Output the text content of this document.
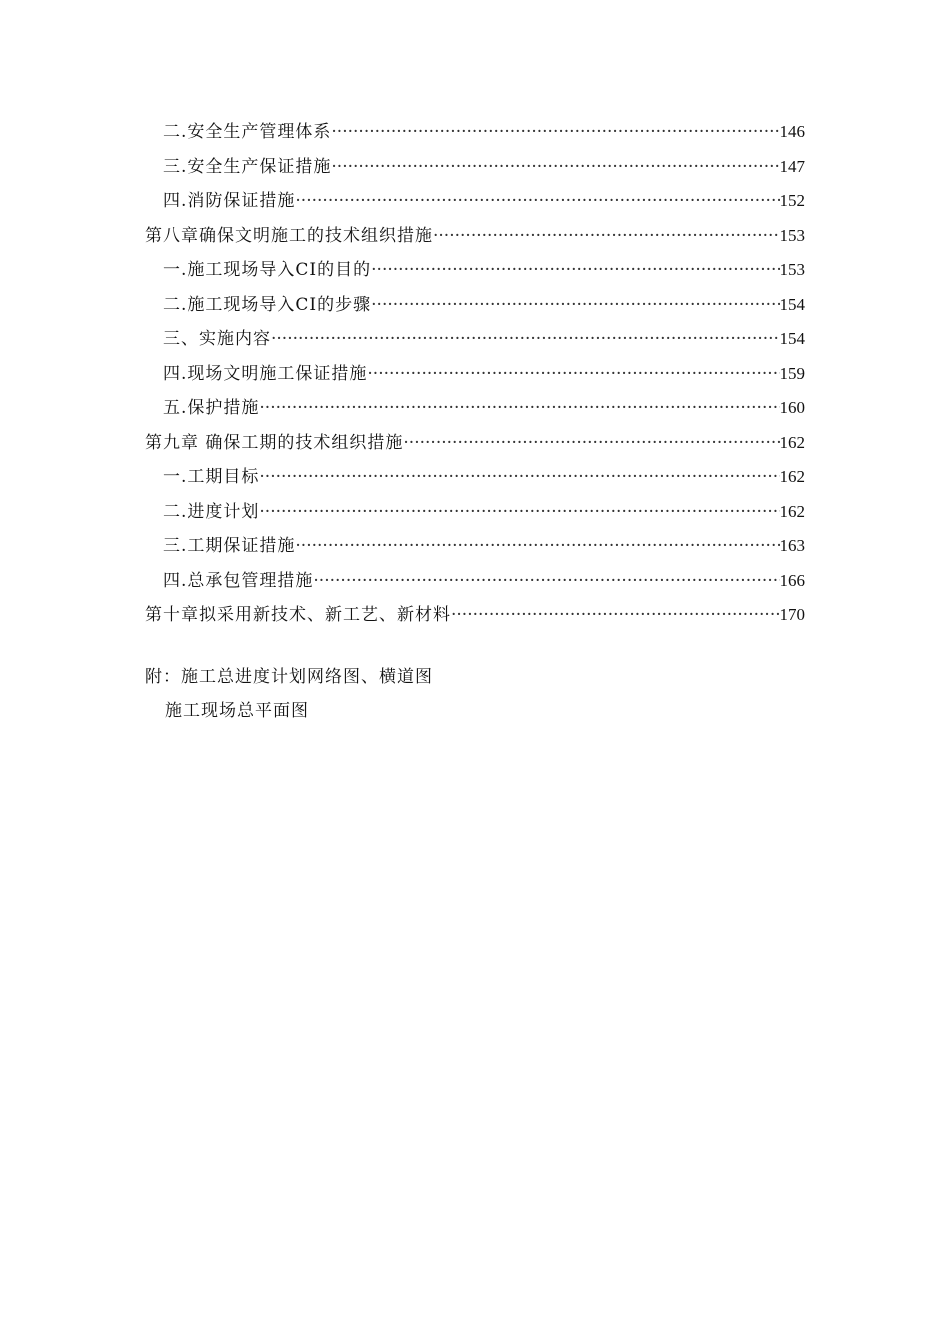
二.安全生产管理体系 ·····	146
三.安全生产保证措施 ·····	147
四.消防保证措施 ·····	152
第八章确保文明施工的技术组织措施 ·····	153
一.施工现场导入CI的目的 ·····	153
二.施工现场导入CI的步骤 ·····	154
三、实施内容 ·····	154
四.现场文明施工保证措施 ·····	159
五.保护措施 ·····	160
第九章 确保工期的技术组织措施 ·····	162
一.工期目标 ·····	162
二.进度计划 ·····	162
三.工期保证措施 ·····	163
四.总承包管理措施 ·····	166
第十章拟采用新技术、新工艺、新材料 ·····	170
附：施工总进度计划网络图、横道图
施工现场总平面图
